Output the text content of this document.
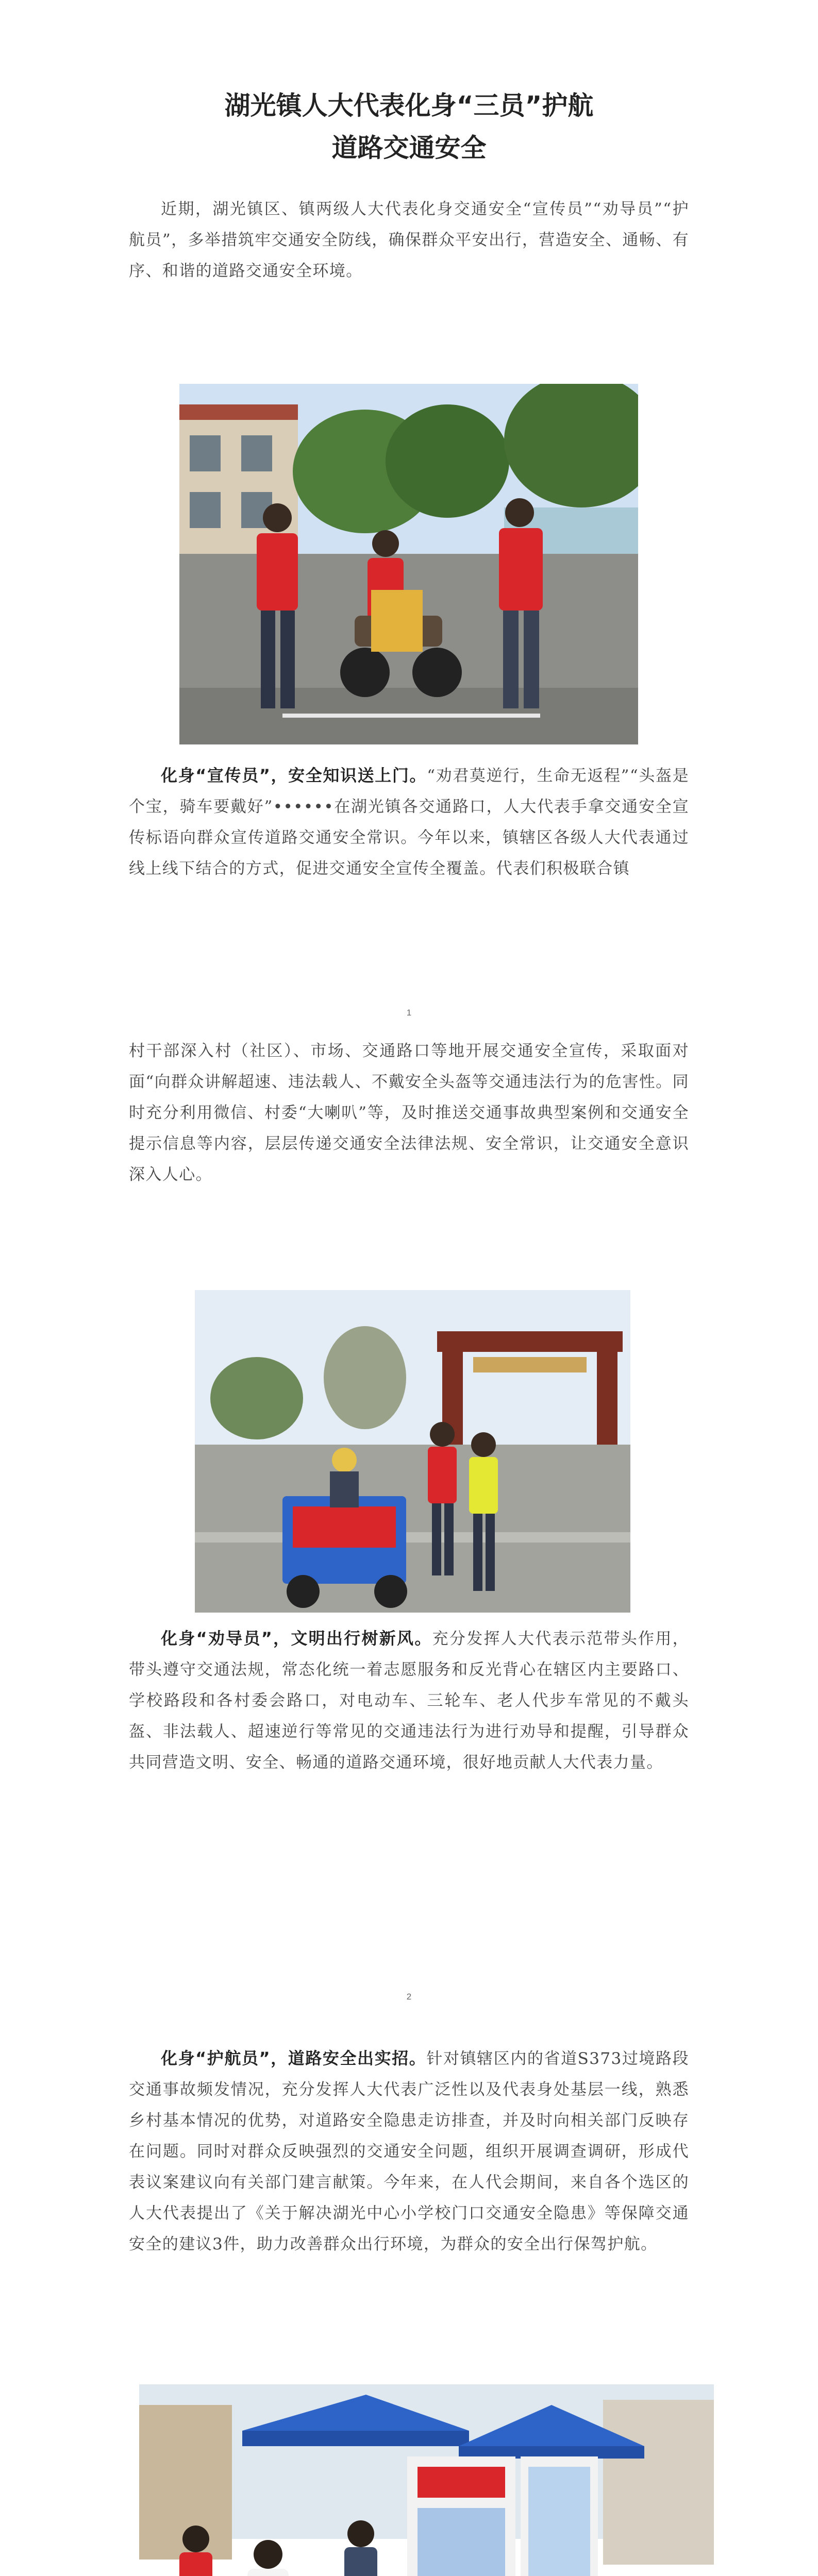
湖光镇人大代表化身“三员”护航
道路交通安全

近期，湖光镇区、镇两级人大代表化身交通安全“宣传员”“劝导员”“护航员”，多举措筑牢交通安全防线，确保群众平安出行，营造安全、通畅、有序、和谐的道路交通安全环境。

化身“宣传员”，安全知识送上门。“劝君莫逆行，生命无返程”“头盔是个宝，骑车要戴好”••••••在湖光镇各交通路口，人大代表手拿交通安全宣传标语向群众宣传道路交通安全常识。今年以来，镇辖区各级人大代表通过线上线下结合的方式，促进交通安全宣传全覆盖。代表们积极联合镇

1

村干部深入村（社区）、市场、交通路口等地开展交通安全宣传，采取面对面“向群众讲解超速、违法载人、不戴安全头盔等交通违法行为的危害性。同时充分利用微信、村委“大喇叭”等，及时推送交通事故典型案例和交通安全提示信息等内容，层层传递交通安全法律法规、安全常识，让交通安全意识深入人心。

化身“劝导员”，文明出行树新风。充分发挥人大代表示范带头作用，带头遵守交通法规，常态化统一着志愿服务和反光背心在辖区内主要路口、学校路段和各村委会路口，对电动车、三轮车、老人代步车常见的不戴头盔、非法载人、超速逆行等常见的交通违法行为进行劝导和提醒，引导群众共同营造文明、安全、畅通的道路交通环境，很好地贡献人大代表力量。

2

化身“护航员”，道路安全出实招。针对镇辖区内的省道S373过境路段交通事故频发情况，充分发挥人大代表广泛性以及代表身处基层一线，熟悉乡村基本情况的优势，对道路安全隐患走访排查，并及时向相关部门反映存在问题。同时对群众反映强烈的交通安全问题，组织开展调查调研，形成代表议案建议向有关部门建言献策。今年来，在人代会期间，来自各个选区的人大代表提出了《关于解决湖光中心小学校门口交通安全隐患》等保障交通安全的建议3件，助力改善群众出行环境，为群众的安全出行保驾护航。
